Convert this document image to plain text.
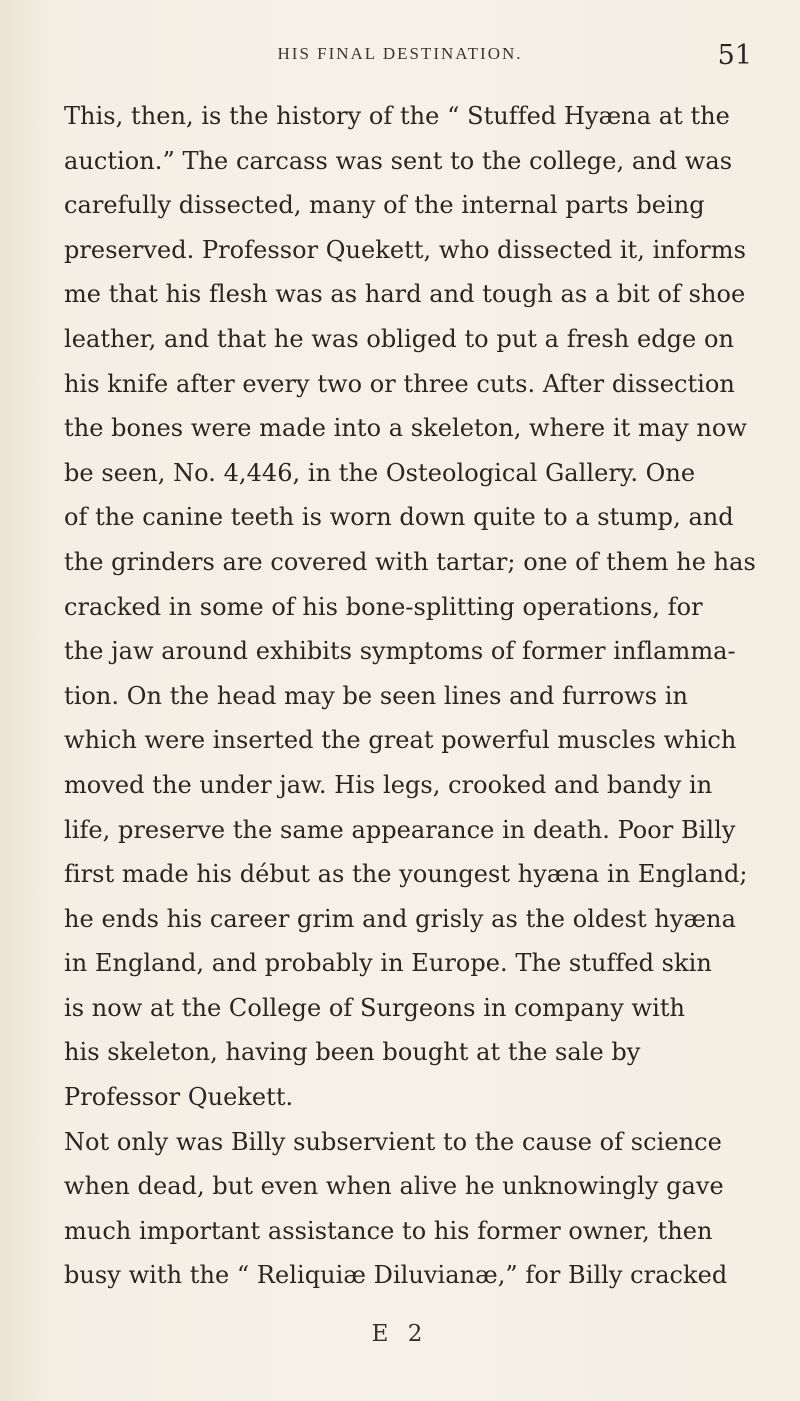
HIS FINAL DESTINATION.	51
This, then, is the history of the “ Stuffed Hyæna at the
auction.” The carcass was sent to the college, and was
carefully dissected, many of the internal parts being
preserved. Professor Quekett, who dissected it, informs
me that his flesh was as hard and tough as a bit of shoe
leather, and that he was obliged to put a fresh edge on
his knife after every two or three cuts. After dissection
the bones were made into a skeleton, where it may now
be seen, No. 4,446, in the Osteological Gallery. One
of the canine teeth is worn down quite to a stump, and
the grinders are covered with tartar; one of them he has
cracked in some of his bone-splitting operations, for
the jaw around exhibits symptoms of former inflamma-
tion. On the head may be seen lines and furrows in
which were inserted the great powerful muscles which
moved the under jaw. His legs, crooked and bandy in
life, preserve the same appearance in death. Poor Billy
first made his début as the youngest hyæna in England;
he ends his career grim and grisly as the oldest hyæna
in England, and probably in Europe. The stuffed skin
is now at the College of Surgeons in company with
his skeleton, having been bought at the sale by
Professor Quekett.
Not only was Billy subservient to the cause of science
when dead, but even when alive he unknowingly gave
much important assistance to his former owner, then
busy with the “ Reliquiæ Diluvianæ,” for Billy cracked
E 2
